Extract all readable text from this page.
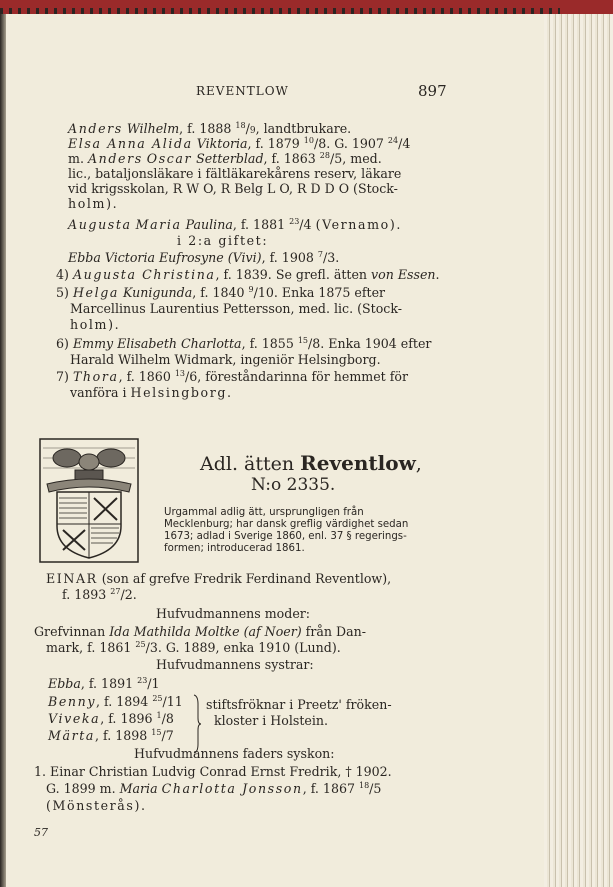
REVENTLOW	897
Anders Wilhelm, f. 1888 $^{18}$/9, landtbrukare.
Elsa Anna Alida Viktoria, f. 1879 $^{10}$/8. G. 1907 $^{24}$/4
m. Anders Oscar Setterblad, f. 1863 $^{28}$/5, med.
lic., bataljonsläkare i fältläkarekårens reserv, läkare
vid krigsskolan, R W O, R Belg L O, R D D O (Stock-
holm).
Augusta Maria Paulina, f. 1881 $^{23}$/4 (Vernamo).
i 2:a giftet:
Ebba Victoria Eufrosyne (Vivi), f. 1908 $^7$/3.
4) Augusta Christina, f. 1839. Se grefl. ätten von Essen.
5) Helga Kunigunda, f. 1840 $^9$/10. Enka 1875 efter
Marcellinus Laurentius Pettersson, med. lic. (Stock-
holm).
6) Emmy Elisabeth Charlotta, f. 1855 $^{15}$/8. Enka 1904 efter
Harald Wilhelm Widmark, ingeniör Helsingborg.
7) Thora, f. 1860 $^{13}$/6, föreståndarinna för hemmet för
vanföra i Helsingborg.
Adl. ätten Reventlow,
N:o 2335.
Urgammal adlig ätt, ursprungligen från
Mecklenburg; har dansk greflig värdighet sedan
1673; adlad i Sverige 1860, enl. 37 § regerings-
formen; introducerad 1861.
EINAR (son af grefve Fredrik Ferdinand Reventlow),
f. 1893 $^{27}$/2.
Hufvudmannens moder:
Grefvinnan Ida Mathilda Moltke (af Noer) från Dan-
mark, f. 1861 $^{25}$/3. G. 1889, enka 1910 (Lund).
Hufvudmannens systrar:
Ebba, f. 1891 $^{23}$/1
Benny, f. 1894 $^{25}$/11
Viveka, f. 1896 $^1$/8
Märta, f. 1898 $^{15}$/7
stiftsfröknar i Preetz' fröken-
kloster i Holstein.
Hufvudmannens faders syskon:
1. Einar Christian Ludvig Conrad Ernst Fredrik, † 1902.
G. 1899 m. Maria Charlotta Jonsson, f. 1867 $^{18}$/5
(Mönsterås).
57
